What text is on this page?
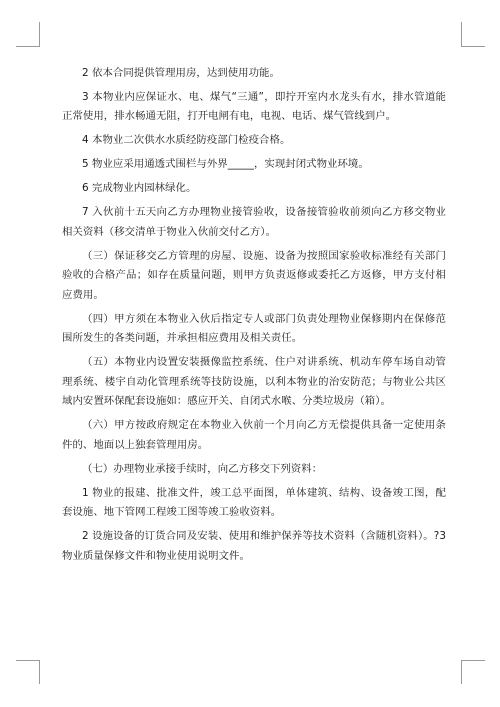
2 依本合同提供管理用房，达到使用功能。

3 本物业内应保证水、电、煤气“三通”，即拧开室内水龙头有水，排水管道能正常使用，排水畅通无阻，打开电闸有电，电视、电话、煤气管线到户。

4 本物业二次供水水质经防疫部门检疫合格。

5 物业应采用通透式围栏与外界_____，实现封闭式物业环境。

6 完成物业内园林绿化。

7 入伙前十五天向乙方办理物业接管验收，设备接管验收前须向乙方移交物业相关资料（移交清单于物业入伙前交付乙方）。

（三）保证移交乙方管理的房屋、设施、设备为按照国家验收标准经有关部门验收的合格产品；如存在质量问题，则甲方负责返修或委托乙方返修，甲方支付相应费用。

（四）甲方须在本物业入伙后指定专人或部门负责处理物业保修期内在保修范围所发生的各类问题，并承担相应费用及相关责任。

（五）本物业内设置安装摄像监控系统、住户对讲系统、机动车停车场自动管理系统、楼宇自动化管理系统等技防设施，以利本物业的治安防范；与物业公共区域内安置环保配套设施如：感应开关、自闭式水喉、分类垃圾房（箱）。

（六）甲方按政府规定在本物业入伙前一个月向乙方无偿提供具备一定使用条件的、地面以上独套管理用房。

（七）办理物业承接手续时，向乙方移交下列资料：

1 物业的报建、批准文件，竣工总平面图，单体建筑、结构、设备竣工图，配套设施、地下管网工程竣工图等竣工验收资料。

2 设施设备的订货合同及安装、使用和维护保养等技术资料（含随机资料）。?3 物业质量保修文件和物业使用说明文件。
